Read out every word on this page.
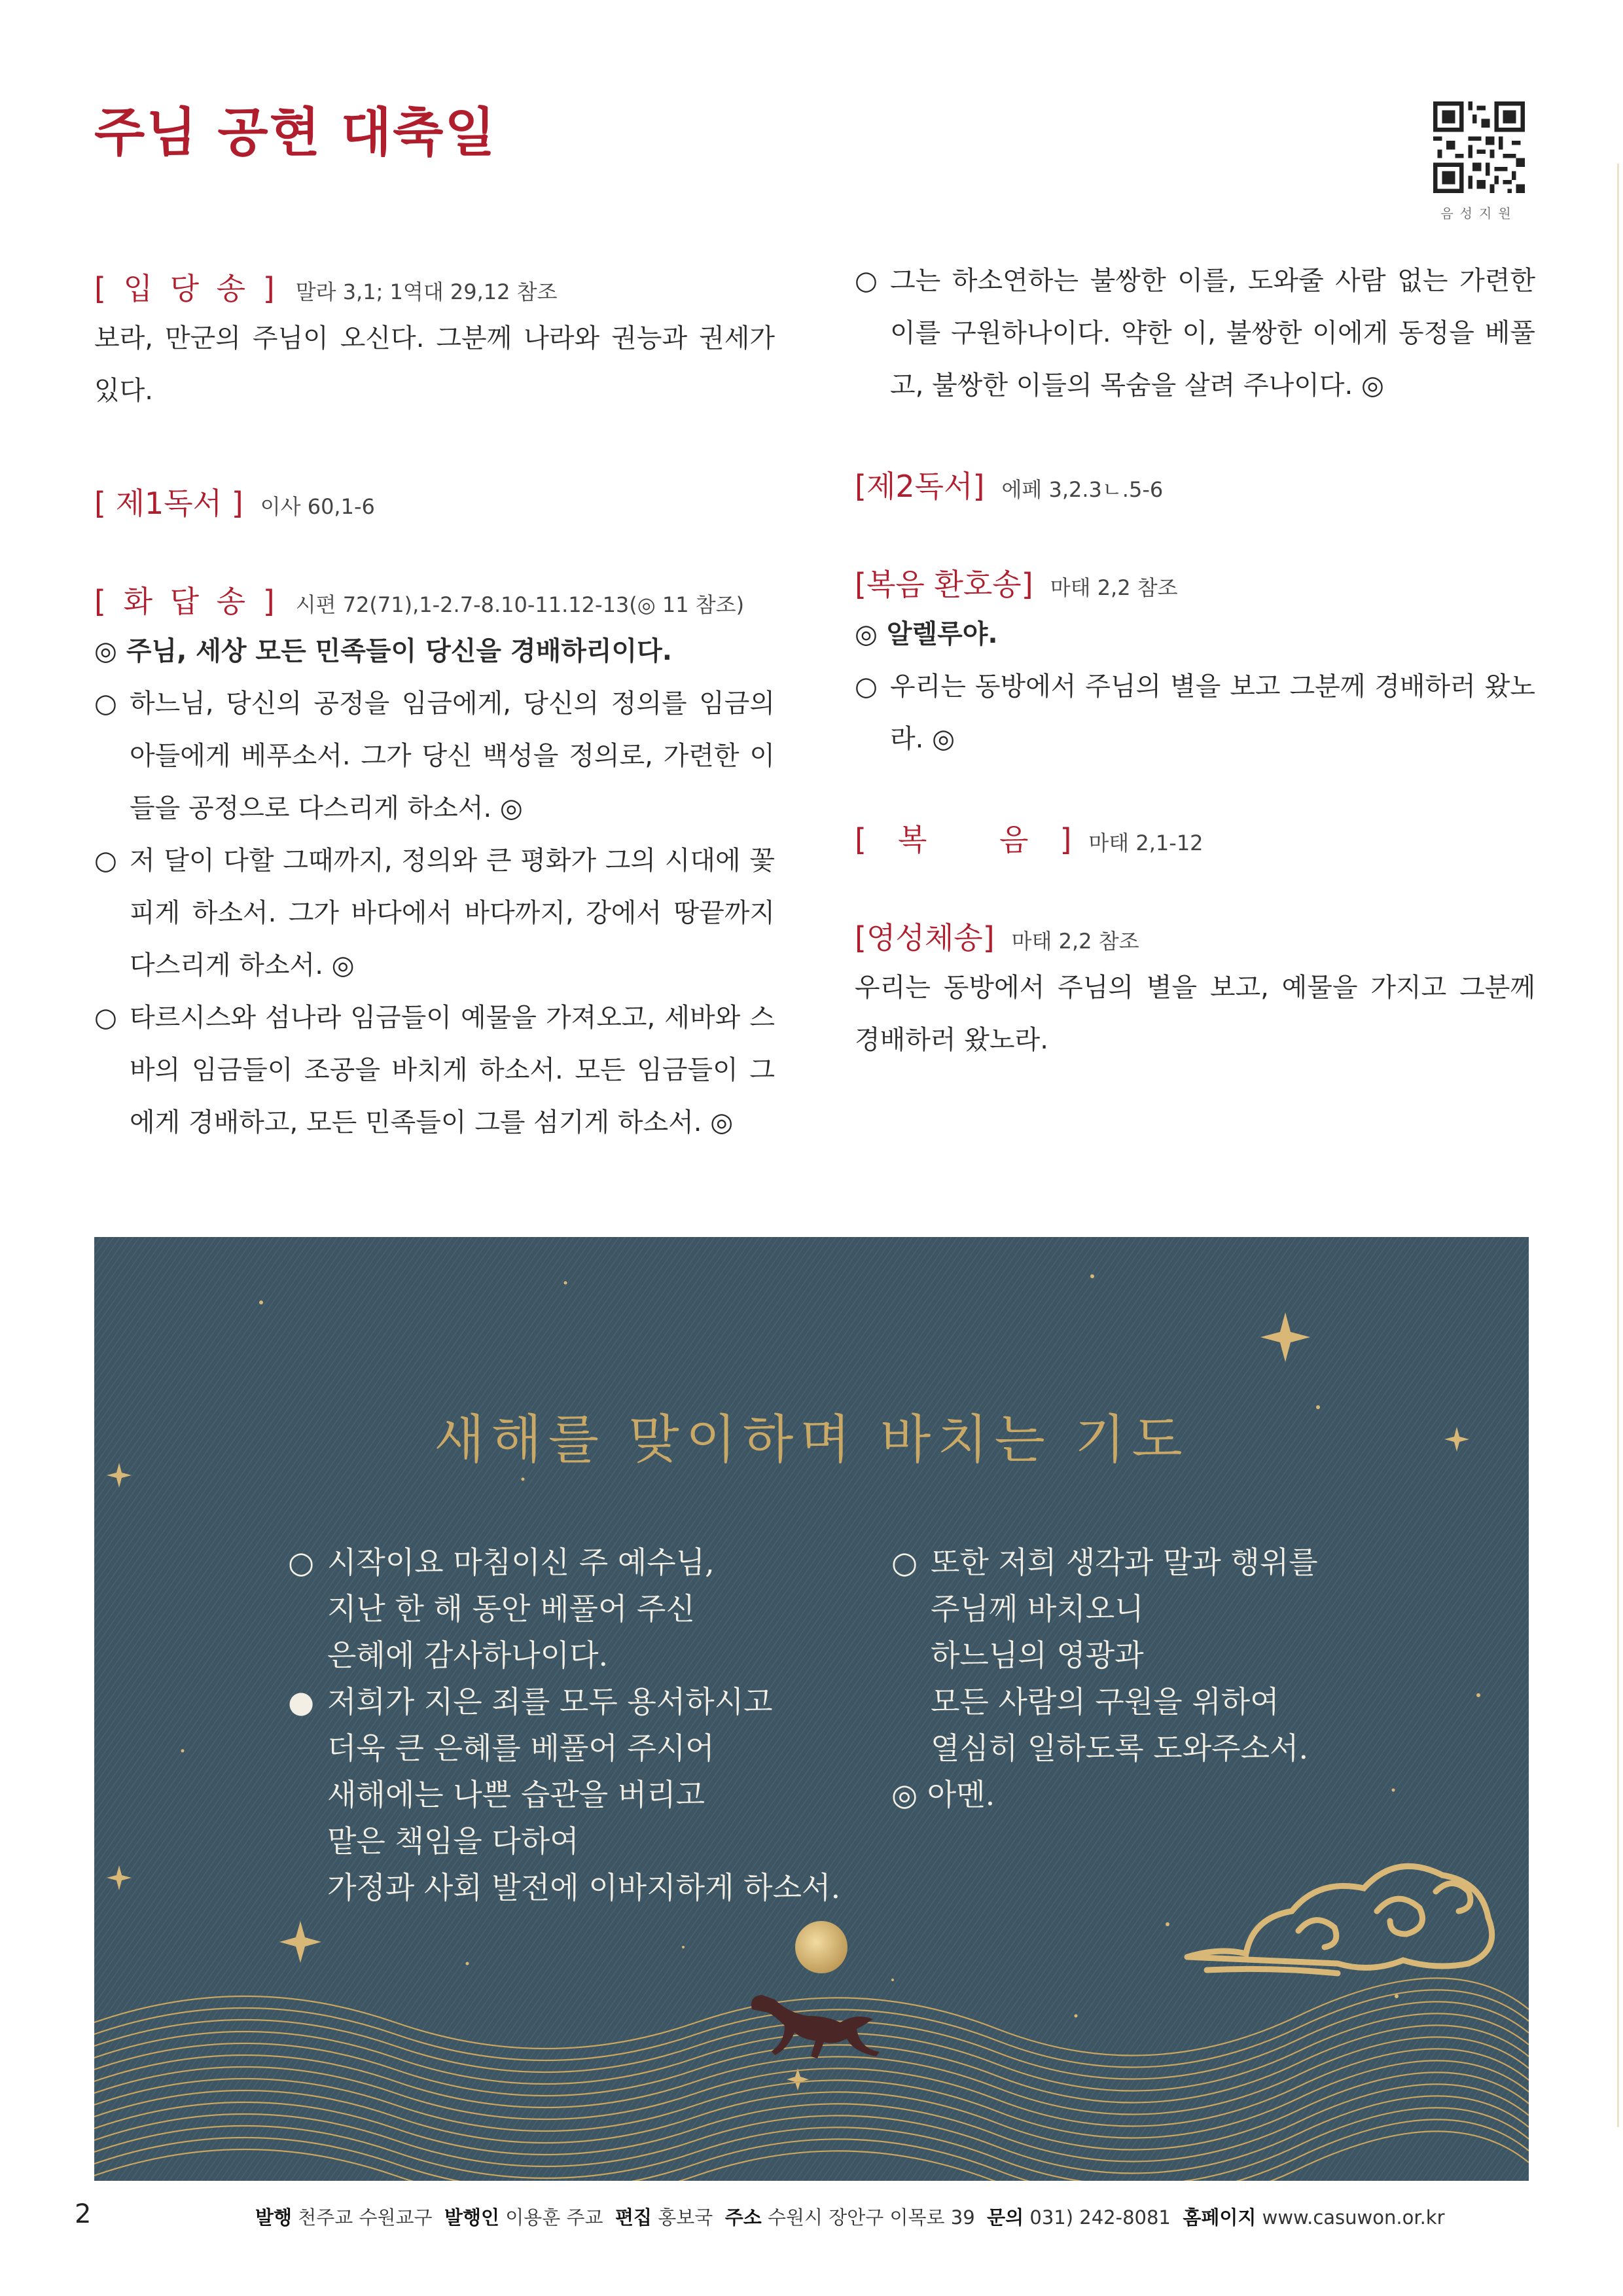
주님 공현 대축일
음성지원
[ 입 당 송 ] 말라 3,1; 1역대 29,12 참조

보라, 만군의 주님이 오신다. 그분께 나라와 권능과 권세가 있다.

[ 제1독서 ] 이사 60,1-6
[ 화 답 송 ] 시편 72(71),1-2.7-8.10-11.12-13(◎ 11 참조)

◎ 주님, 세상 모든 민족들이 당신을 경배하리이다.

○ 하느님, 당신의 공정을 임금에게, 당신의 정의를 임금의 아들에게 베푸소서. 그가 당신 백성을 정의로, 가련한 이들을 공정으로 다스리게 하소서. ◎
○ 저 달이 다할 그때까지, 정의와 큰 평화가 그의 시대에 꽃피게 하소서. 그가 바다에서 바다까지, 강에서 땅끝까지 다스리게 하소서. ◎
○ 타르시스와 섬나라 임금들이 예물을 가져오고, 세바와 스바의 임금들이 조공을 바치게 하소서. 모든 임금들이 그에게 경배하고, 모든 민족들이 그를 섬기게 하소서. ◎
○ 그는 하소연하는 불쌍한 이를, 도와줄 사람 없는 가련한 이를 구원하나이다. 약한 이, 불쌍한 이에게 동정을 베풀고, 불쌍한 이들의 목숨을 살려 주나이다. ◎
[제2독서] 에페 3,2.3ㄴ.5-6
[복음 환호송] 마태 2,2 참조

◎ 알렐루야.

○ 우리는 동방에서 주님의 별을 보고 그분께 경배하러 왔노라. ◎
[복 음]
마태 2,1-12
[영성체송] 마태 2,2 참조

우리는 동방에서 주님의 별을 보고, 예물을 가지고 그분께 경배하러 왔노라.

새해를 맞이하며 바치는 기도
○ 시작이요 마침이신 주 예수님,
지난 한 해 동안 베풀어 주신
은혜에 감사하나이다.
● 저희가 지은 죄를 모두 용서하시고
더욱 큰 은혜를 베풀어 주시어
새해에는 나쁜 습관을 버리고
맡은 책임을 다하여
가정과 사회 발전에 이바지하게 하소서.
○ 또한 저희 생각과 말과 행위를
주님께 바치오니
하느님의 영광과
모든 사람의 구원을 위하여
열심히 일하도록 도와주소서.
◎ 아멘.
2	발행 천주교 수원교구 발행인 이용훈 주교 편집 홍보국 주소 수원시 장안구 이목로 39 문의 031) 242-8081 홈페이지 www.casuwon.or.kr
